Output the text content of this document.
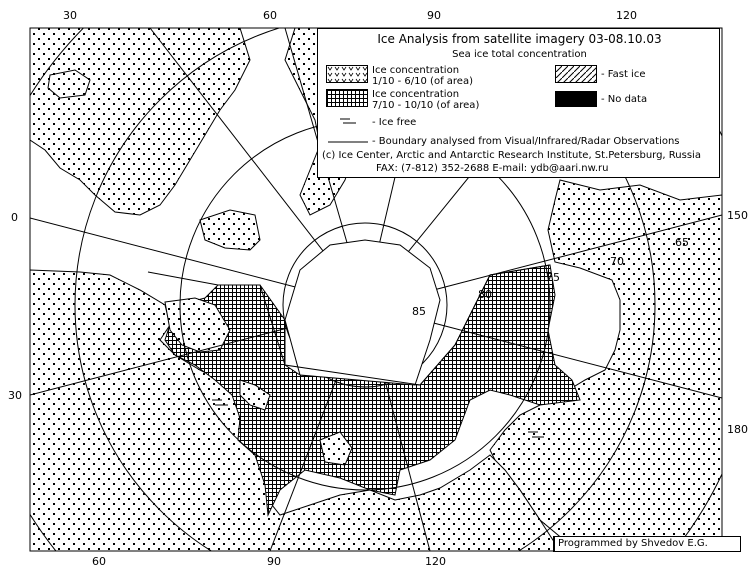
85
80
75
70
65
30	60	90	120
60	90	120
0
30
150
180
Ice Analysis from satellite imagery 03-08.10.03
Sea ice total concentration
Ice concentration
1/10 - 6/10 (of area)
Ice concentration
7/10 - 10/10 (of area)
- Fast ice
- No data
- Ice free
- Boundary analysed from Visual/Infrared/Radar Observations
(c) Ice Center, Arctic and Antarctic Research Institute, St.Petersburg, Russia
FAX: (7-812) 352-2688 E-mail: ydb@aari.nw.ru
Programmed by Shvedov E.G.
